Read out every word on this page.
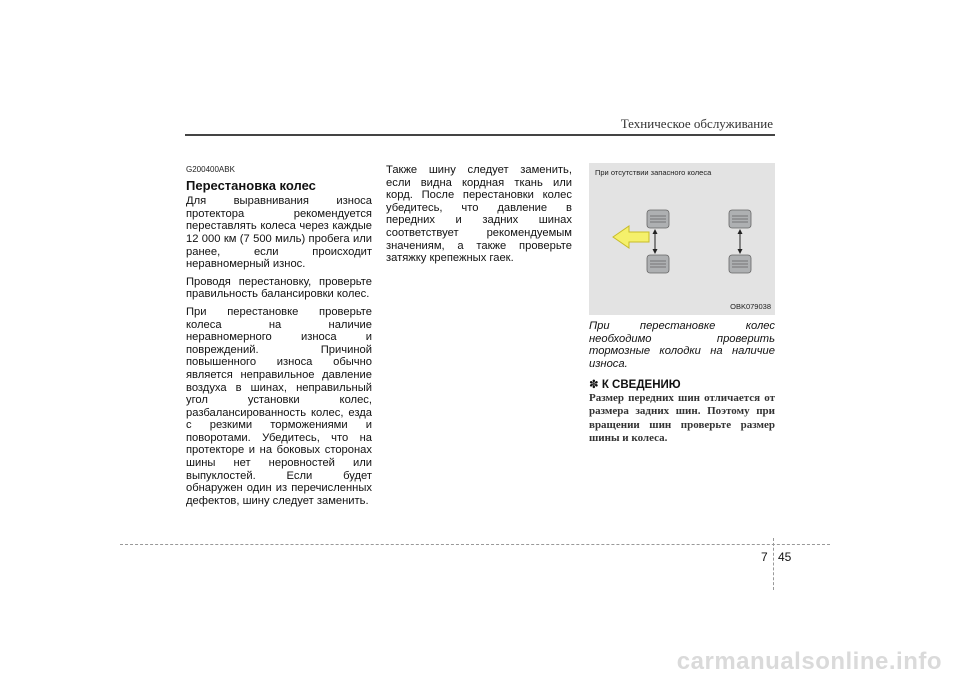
Техническое обслуживание
G200400ABK
Перестановка колес

Для выравнивания износа протектора рекомендуется переставлять колеса через каждые 12 000 км (7 500 миль) пробега или ранее, если происходит неравномерный износ.

Проводя перестановку, проверьте правильность балансировки колес.

При перестановке проверьте колеса на наличие неравномерного износа и повреждений. Причиной повышенного износа обычно является неправильное давление воздуха в шинах, неправильный угол установки колес, разбалансированность колес, езда с резкими торможениями и поворотами. Убедитесь, что на протекторе и на боковых сторонах шины нет неровностей или выпуклостей. Если будет обнаружен один из перечисленных дефектов, шину следует заменить.

Также шину следует заменить, если видна кордная ткань или корд. После перестановки колес убедитесь, что давление в передних и задних шинах соответствует рекомендуемым значениям, а также проверьте затяжку крепежных гаек.

При отсутствии запасного колеса
OBK079038
При перестановке колес необходимо проверить тормозные колодки на наличие износа.
✽ К СВЕДЕНИЮ
Размер передних шин отличается от размера задних шин. Поэтому при вращении шин проверьте размер шины и колеса.
7 45
carmanualsonline.info
